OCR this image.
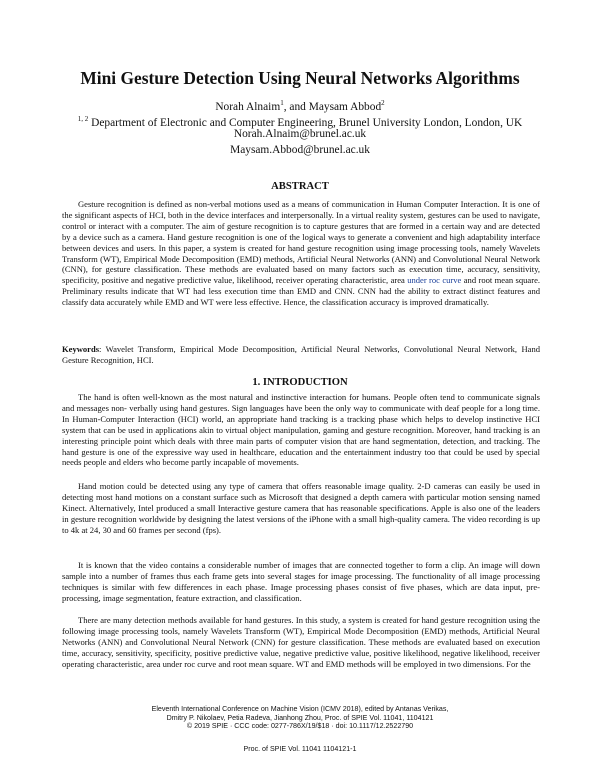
Mini Gesture Detection Using Neural Networks Algorithms
Norah Alnaim$^1$, and Maysam Abbod$^2$
$^{1, 2}$ Department of Electronic and Computer Engineering, Brunel University London, London, UK
Norah.Alnaim@brunel.ac.uk
Maysam.Abbod@brunel.ac.uk
ABSTRACT

Gesture recognition is defined as non-verbal motions used as a means of communication in Human Computer Interaction. It is one of the significant aspects of HCI, both in the device interfaces and interpersonally. In a virtual reality system, gestures can be used to navigate, control or interact with a computer. The aim of gesture recognition is to capture gestures that are formed in a certain way and are detected by a device such as a camera. Hand gesture recognition is one of the logical ways to generate a convenient and high adaptability interface between devices and users. In this paper, a system is created for hand gesture recognition using image processing tools, namely Wavelets Transform (WT), Empirical Mode Decomposition (EMD) methods, Artificial Neural Networks (ANN) and Convolutional Neural Network (CNN), for gesture classification. These methods are evaluated based on many factors such as execution time, accuracy, sensitivity, specificity, positive and negative predictive value, likelihood, receiver operating characteristic, area under roc curve and root mean square. Preliminary results indicate that WT had less execution time than EMD and CNN. CNN had the ability to extract distinct features and classify data accurately while EMD and WT were less effective. Hence, the classification accuracy is improved dramatically.

Keywords: Wavelet Transform, Empirical Mode Decomposition, Artificial Neural Networks, Convolutional Neural Network, Hand Gesture Recognition, HCI.

1. INTRODUCTION

The hand is often well-known as the most natural and instinctive interaction for humans. People often tend to communicate signals and messages non- verbally using hand gestures. Sign languages have been the only way to communicate with deaf people for a long time. In Human-Computer Interaction (HCI) world, an appropriate hand tracking is a tracking phase which helps to develop instinctive HCI system that can be used in applications akin to virtual object manipulation, gaming and gesture recognition. Moreover, hand tracking is an interesting principle point which deals with three main parts of computer vision that are hand segmentation, detection, and tracking. The hand gesture is one of the expressive way used in healthcare, education and the entertainment industry too that could be used by special needs people and elders who become partly incapable of movements.

Hand motion could be detected using any type of camera that offers reasonable image quality. 2-D cameras can easily be used in detecting most hand motions on a constant surface such as Microsoft that designed a depth camera with particular motion sensing named Kinect. Alternatively, Intel produced a small Interactive gesture camera that has reasonable specifications. Apple is also one of the leaders in gesture recognition worldwide by designing the latest versions of the iPhone with a small high-quality camera. The video recording is up to 4k at 24, 30 and 60 frames per second (fps).

It is known that the video contains a considerable number of images that are connected together to form a clip. An image will down sample into a number of frames thus each frame gets into several stages for image processing. The functionality of all image processing techniques is similar with few differences in each phase. Image processing phases consist of five phases, which are data input, pre-processing, image segmentation, feature extraction, and classification.

There are many detection methods available for hand gestures. In this study, a system is created for hand gesture recognition using the following image processing tools, namely Wavelets Transform (WT), Empirical Mode Decomposition (EMD) methods, Artificial Neural Networks (ANN) and Convolutional Neural Network (CNN) for gesture classification. These methods are evaluated based on execution time, accuracy, sensitivity, specificity, positive predictive value, negative predictive value, positive likelihood, negative likelihood, receiver operating characteristic, area under roc curve and root mean square. WT and EMD methods will be employed in two dimensions. For the

Eleventh International Conference on Machine Vision (ICMV 2018), edited by Antanas Verikas,
Dmitry P. Nikolaev, Petia Radeva, Jianhong Zhou, Proc. of SPIE Vol. 11041, 1104121
© 2019 SPIE · CCC code: 0277-786X/19/$18 · doi: 10.1117/12.2522790
Proc. of SPIE Vol. 11041 1104121-1
